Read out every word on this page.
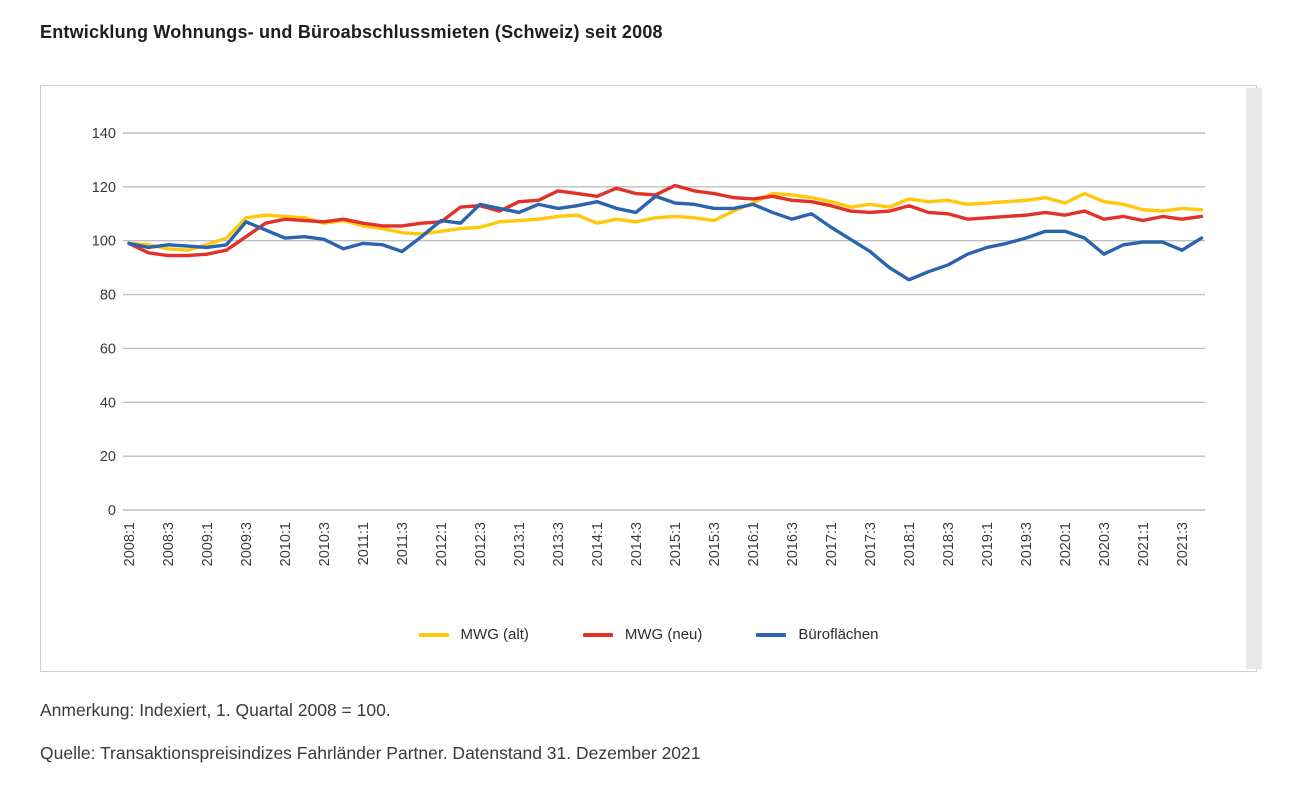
Entwicklung Wohnungs- und Büroabschlussmieten (Schweiz) seit 2008
0
20
40
60
80
100
120
140
2008:1 2008:3 2009:1 2009:3 2010:1 2010:3 2011:1 2011:3 2012:1 2012:3 2013:1 2013:3 2014:1 2014:3 2015:1 2015:3 2016:1 2016:3 2017:1 2017:3 2018:1 2018:3 2019:1 2019:3 2020:1 2020:3 2021:1 2021:3
MWG (alt)	MWG (neu)	Büroflächen
Anmerkung: Indexiert, 1. Quartal 2008 = 100.
Quelle: Transaktionspreisindizes Fahrländer Partner. Datenstand 31. Dezember 2021
